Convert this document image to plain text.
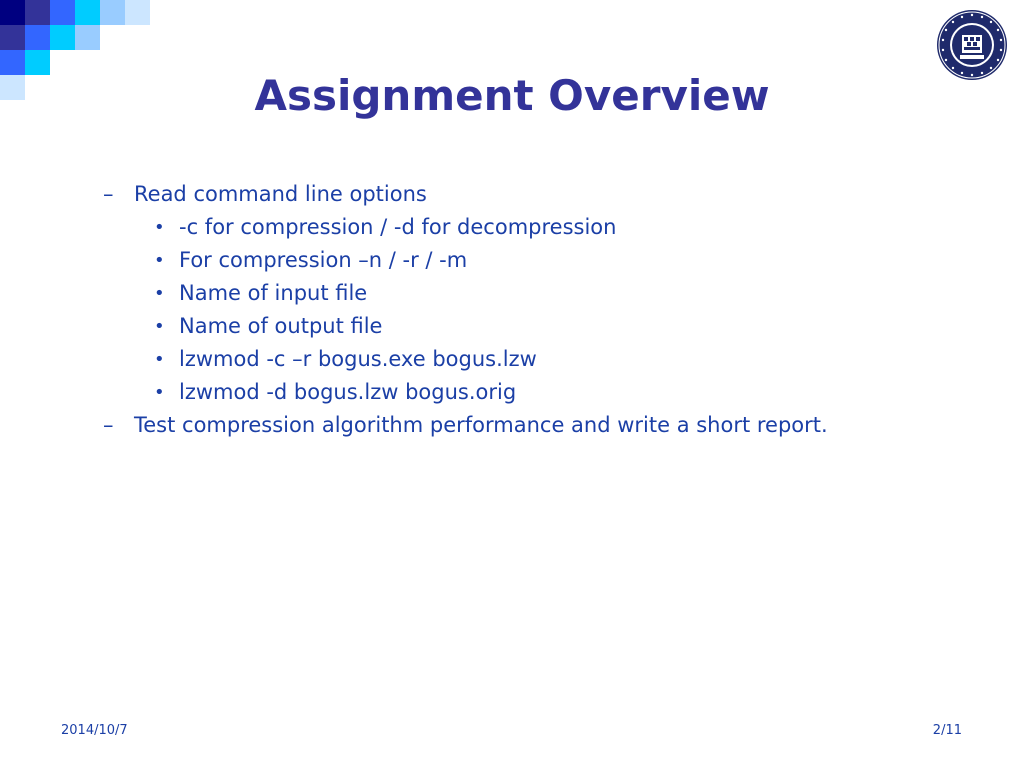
Assignment Overview
– Read command line options
• -c for compression / -d for decompression
• For compression –n / -r / -m
• Name of input file
• Name of output file
• lzwmod -c –r bogus.exe bogus.lzw
• lzwmod -d bogus.lzw bogus.orig
– Test compression algorithm performance and write a short report.
2014/10/7	2/11
